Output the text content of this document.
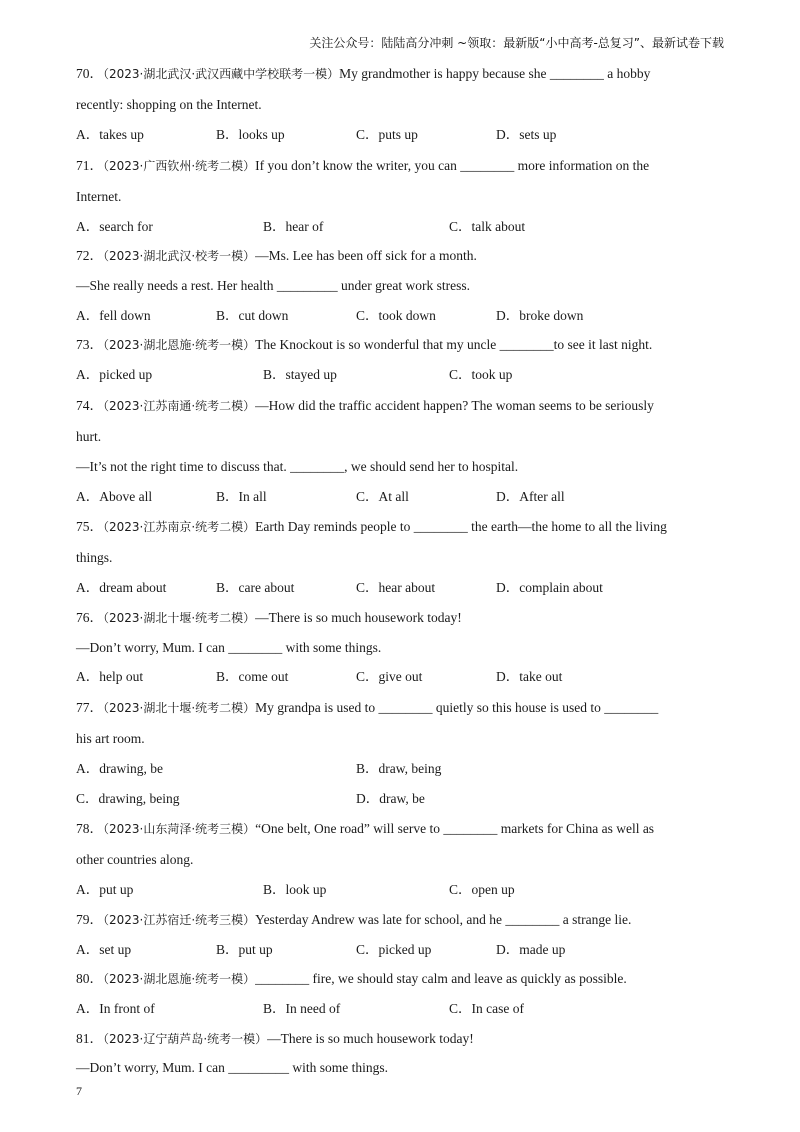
关注公众号：陆陆高分冲刺 ~领取：最新版“小中高考-总复习”、最新试卷下载
70．（2023·湖北武汉·武汉西藏中学校联考一模）My grandmother is happy because she ________ a hobby
recently: shopping on the Internet.
A．takes up	B．looks up	C．puts up	D．sets up
71．（2023·广西钦州·统考二模）If you don’t know the writer, you can ________ more information on the
Internet.
A．search for	B．hear of	C．talk about
72．（2023·湖北武汉·校考一模）—Ms. Lee has been off sick for a month.
—She really needs a rest. Her health _________ under great work stress.
A．fell down	B．cut down	C．took down	D．broke down
73．（2023·湖北恩施·统考一模）The Knockout is so wonderful that my uncle ________to see it last night.
A．picked up	B．stayed up	C．took up
74．（2023·江苏南通·统考二模）—How did the traffic accident happen? The woman seems to be seriously
hurt.
—It’s not the right time to discuss that. ________, we should send her to hospital.
A．Above all	B．In all	C．At all	D．After all
75．（2023·江苏南京·统考二模）Earth Day reminds people to ________ the earth—the home to all the living
things.
A．dream about	B．care about	C．hear about	D．complain about
76．（2023·湖北十堰·统考二模）—There is so much housework today!
—Don’t worry, Mum. I can ________ with some things.
A．help out	B．come out	C．give out	D．take out
77．（2023·湖北十堰·统考二模）My grandpa is used to ________ quietly so this house is used to ________
his art room.
A．drawing, be	B．draw, being
C．drawing, being	D．draw, be
78．（2023·山东菏泽·统考三模）“One belt, One road” will serve to ________ markets for China as well as
other countries along.
A．put up	B．look up	C．open up
79．（2023·江苏宿迁·统考三模）Yesterday Andrew was late for school, and he ________ a strange lie.
A．set up	B．put up	C．picked up	D．made up
80．（2023·湖北恩施·统考一模）________ fire, we should stay calm and leave as quickly as possible.
A．In front of	B．In need of	C．In case of
81．（2023·辽宁葫芦岛·统考一模）—There is so much housework today!
—Don’t worry, Mum. I can _________ with some things.
7
